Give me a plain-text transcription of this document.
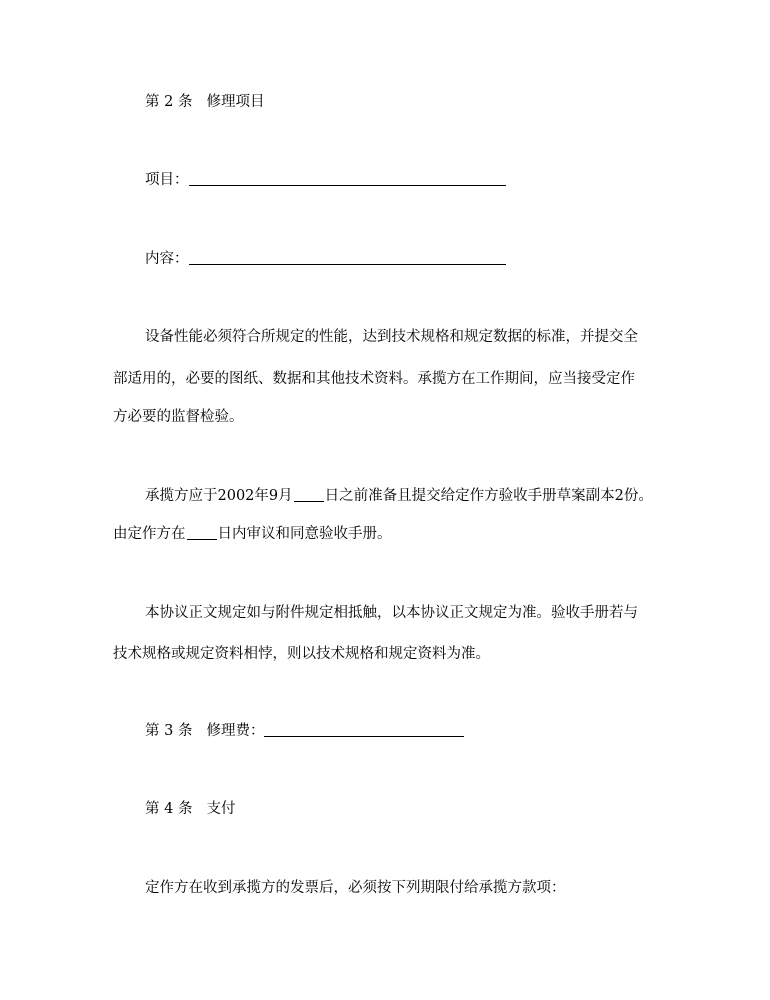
第 2 条 修理项目
项目：
内容：
设备性能必须符合所规定的性能，达到技术规格和规定数据的标准，并提交全
部适用的，必要的图纸、数据和其他技术资料。承揽方在工作期间，应当接受定作
方必要的监督检验。
承揽方应于2002年9月 日之前准备且提交给定作方验收手册草案副本2份。
由定作方在 日内审议和同意验收手册。
本协议正文规定如与附件规定相抵触，以本协议正文规定为准。验收手册若与
技术规格或规定资料相悖，则以技术规格和规定资料为准。
第 3 条 修理费：
第 4 条 支付
定作方在收到承揽方的发票后，必须按下列期限付给承揽方款项：
